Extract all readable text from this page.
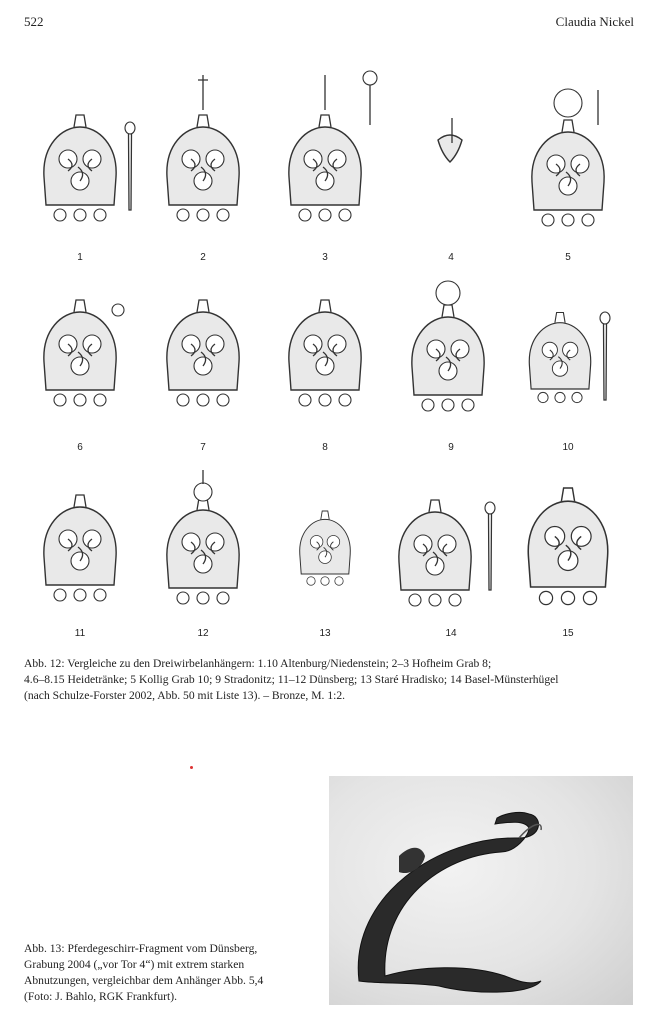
522	Claudia Nickel
1	2	3	4	5
6	7	8	9	10
11	12	13	14	15
Abb. 12: Vergleiche zu den Dreiwirbelanhängern: 1.10 Altenburg/Niedenstein; 2–3 Hofheim Grab 8;
4.6–8.15 Heidetränke; 5 Kollig Grab 10; 9 Stradonitz; 11–12 Dünsberg; 13 Staré Hradisko; 14 Basel-Münsterhügel
(nach Schulze-Forster 2002, Abb. 50 mit Liste 13). – Bronze, M. 1:2.
Abb. 13: Pferdegeschirr-Fragment vom Dünsberg,
Grabung 2004 („vor Tor 4“) mit extrem starken
Abnutzungen, vergleichbar dem Anhänger Abb. 5,4
(Foto: J. Bahlo, RGK Frankfurt).
